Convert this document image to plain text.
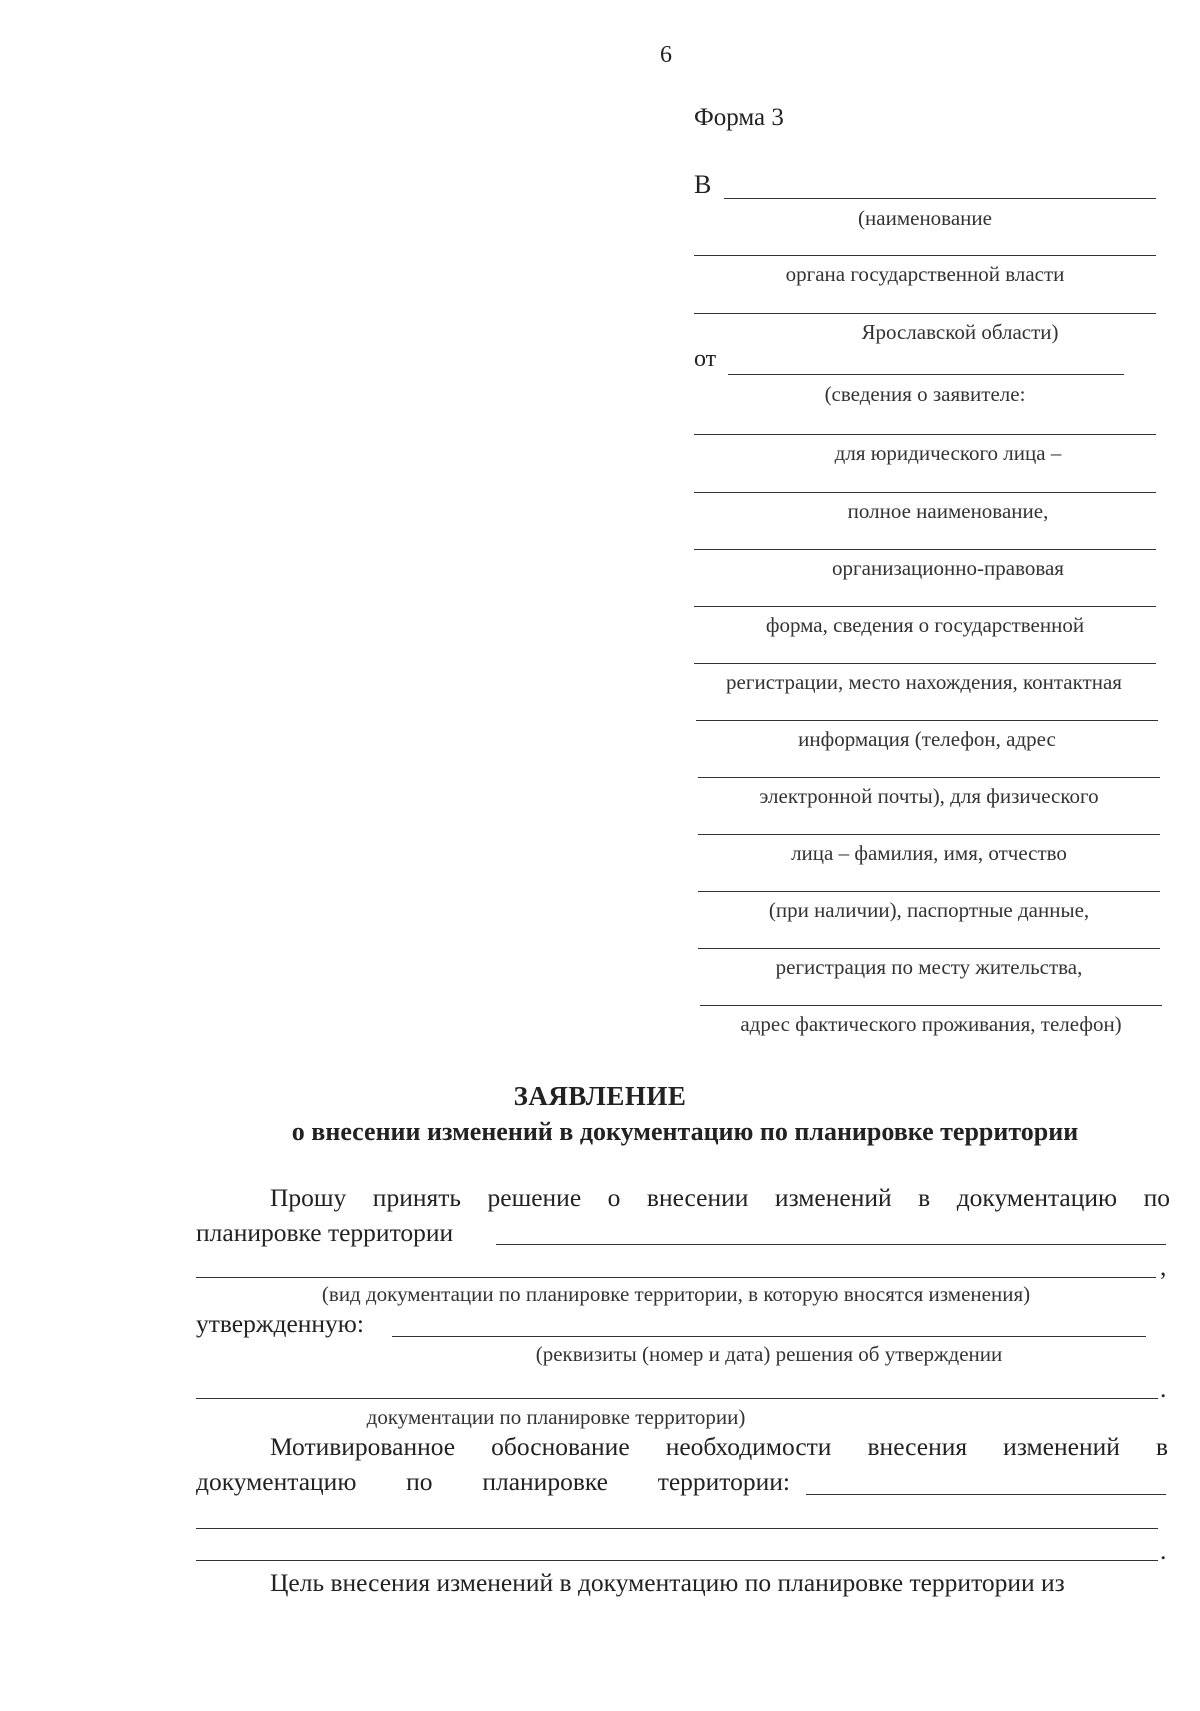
6
Форма 3
В
(наименование
органа государственной власти
Ярославской области)
от
(сведения о заявителе:
для юридического лица –
полное наименование,
организационно-правовая
форма, сведения о государственной
регистрации, место нахождения, контактная
информация (телефон, адрес
электронной почты), для физического
лица – фамилия, имя, отчество
(при наличии), паспортные данные,
регистрация по месту жительства,
адрес фактического проживания, телефон)
ЗАЯВЛЕНИЕ
о внесении изменений в документацию по планировке территории
Прошу принять решение о внесении изменений в документацию по
планировке территории
,
(вид документации по планировке территории, в которую вносятся изменения)
утвержденную:
(реквизиты (номер и дата) решения об утверждении
.
документации по планировке территории)
Мотивированное обоснование необходимости внесения изменений в
документацию по планировке территории:
.
Цель внесения изменений в документацию по планировке территории из
